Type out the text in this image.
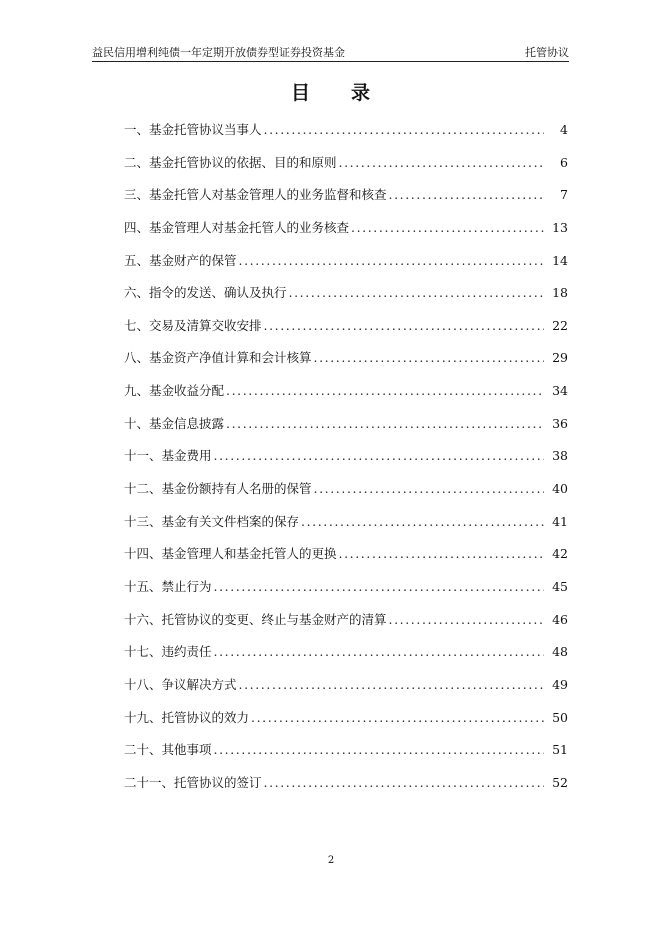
益民信用增利纯债一年定期开放债券型证券投资基金	托管协议
目　　录
一、基金托管协议当事人 .....	4
二、基金托管协议的依据、目的和原则 .....	6
三、基金托管人对基金管理人的业务监督和核查 .....	7
四、基金管理人对基金托管人的业务核查 .....	13
五、基金财产的保管 .....	14
六、指令的发送、确认及执行 .....	18
七、交易及清算交收安排 .....	22
八、基金资产净值计算和会计核算 .....	29
九、基金收益分配 .....	34
十、基金信息披露 .....	36
十一、基金费用 .....	38
十二、基金份额持有人名册的保管 .....	40
十三、基金有关文件档案的保存 .....	41
十四、基金管理人和基金托管人的更换 .....	42
十五、禁止行为 .....	45
十六、托管协议的变更、终止与基金财产的清算 .....	46
十七、违约责任 .....	48
十八、争议解决方式 .....	49
十九、托管协议的效力 .....	50
二十、其他事项 .....	51
二十一、托管协议的签订 .....	52
2
